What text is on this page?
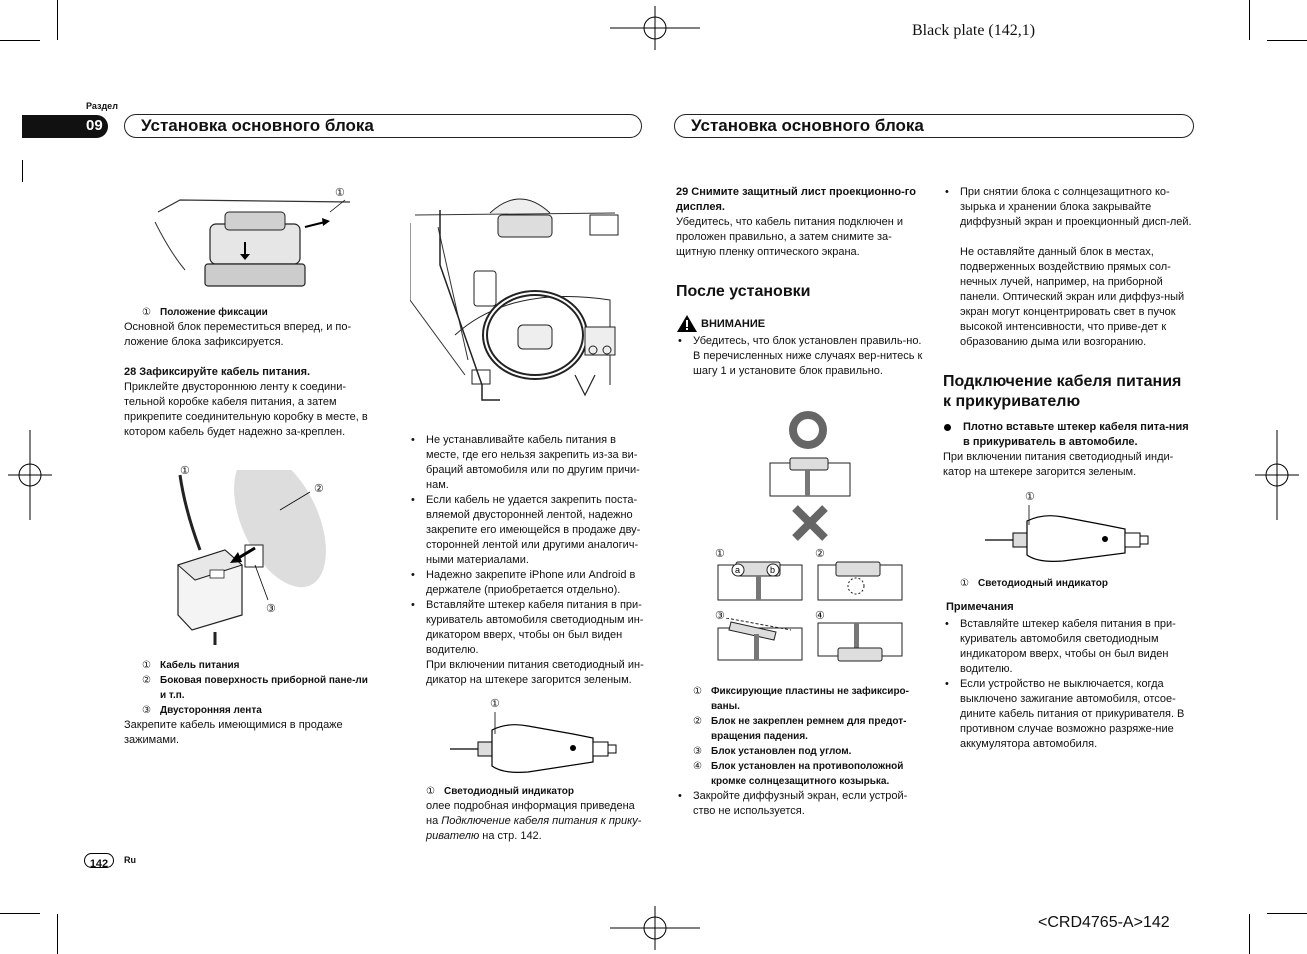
Black plate (142,1)
Раздел
09	Установка основного блока	Установка основного блока
①
① Положение фиксации

Основной блок переместиться вперед, и по-ложение блока зафиксируется.

28 Зафиксируйте кабель питания.

Приклейте двустороннюю ленту к соедини-тельной коробке кабеля питания, а затем прикрепите соединительную коробку в месте, в котором кабель будет надежно за-креплен.

①
②
③
① Кабель питания
② Боковая поверхность приборной пане-ли и т.п.
③ Двусторонняя лента

Закрепите кабель имеющимися в продаже зажимами.

• Не устанавливайте кабель питания в месте, где его нельзя закрепить из-за ви-браций автомобиля или по другим причи-нам.
• Если кабель не удается закрепить поста-вляемой двусторонней лентой, надежно закрепите его имеющейся в продаже дву-сторонней лентой или другими аналогич-ными материалами.
• Надежно закрепите iPhone или Android в держателе (приобретается отдельно).
• Вставляйте штекер кабеля питания в при-куриватель автомобиля светодиодным ин-дикатором вверх, чтобы он был виден водителю.

При включении питания светодиодный ин-дикатор на штекере загорится зеленым.

①
① Светодиодный индикатор

олее подробная информация приведена на Подключение кабеля питания к прику-ривателю на стр. 142.

29 Снимите защитный лист проекционно-го дисплея.

Убедитесь, что кабель питания подключен и проложен правильно, а затем снимите за-щитную пленку оптического экрана.

После установки
ВНИМАНИЕ
• Убедитесь, что блок установлен правиль-но. В перечисленных ниже случаях вер-нитесь к шагу 1 и установите блок правильно.
a	b
①	②
③	④
① Фиксирующие пластины не зафиксиро-ваны.
② Блок не закреплен ремнем для предот-вращения падения.
③ Блок установлен под углом.
④ Блок установлен на противоположной кромке солнцезащитного козырька.
• Закройте диффузный экран, если устрой-ство не используется.
• При снятии блока с солнцезащитного ко-зырька и хранении блока закрывайте диффузный экран и проекционный дисп-лей.

Не оставляйте данный блок в местах, подверженных воздействию прямых сол-нечных лучей, например, на приборной панели. Оптический экран или диффуз-ный экран могут концентрировать свет в пучок высокой интенсивности, что приве-дет к образованию дыма или возгоранию.

Подключение кабеля питания к прикуривателю

Плотно вставьте штекер кабеля пита-ния в прикуриватель в автомобиле.

При включении питания светодиодный инди-катор на штекере загорится зеленым.

①
① Светодиодный индикатор

Примечания

• Вставляйте штекер кабеля питания в при-куриватель автомобиля светодиодным индикатором вверх, чтобы он был виден водителю.
• Если устройство не выключается, когда выключено зажигание автомобиля, отсое-дините кабель питания от прикуривателя. В противном случае возможно разряже-ние аккумулятора автомобиля.
142	Ru
<CRD4765-A>142
